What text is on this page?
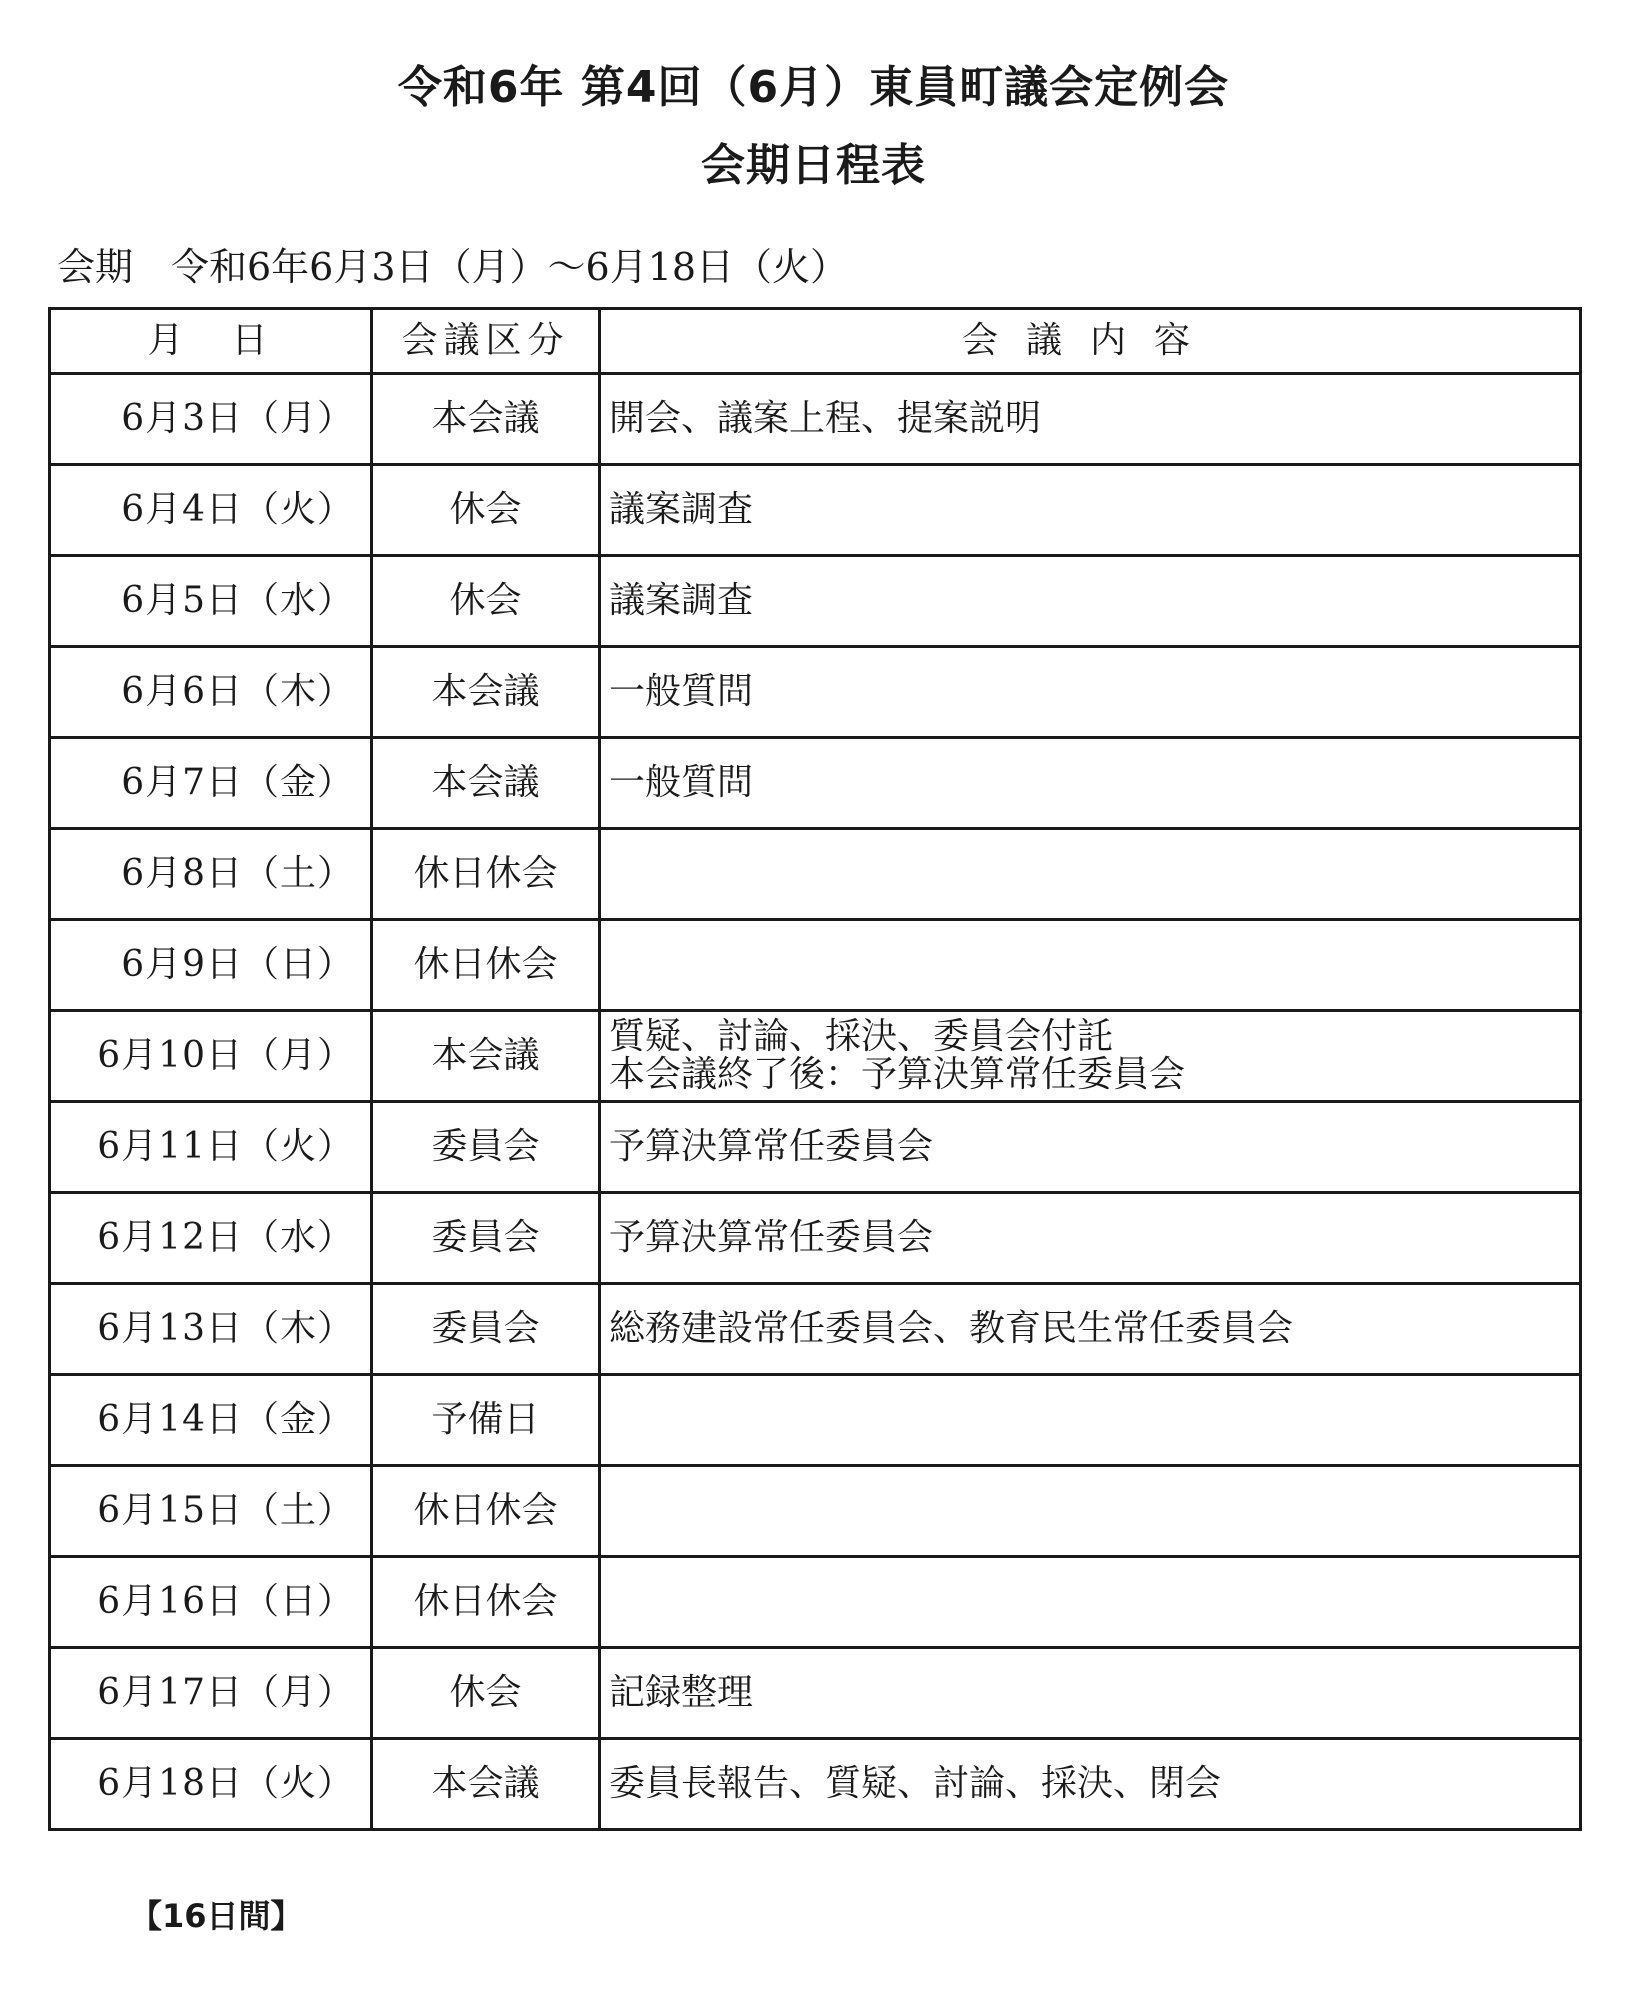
令和6年 第4回（6月）東員町議会定例会
会期日程表
会期　令和6年6月3日（月）～6月18日（火）
月　日	会議区分	会議内容
6月3日（月）	本会議	開会、議案上程、提案説明

6月4日（火）	休会	議案調査

6月5日（水）	休会	議案調査

6月6日（木）	本会議	一般質問

6月7日（金）	本会議	一般質問

6月8日（土）	休日休会	
6月9日（日）	休日休会	
6月10日（月）	本会議	質疑、討論、採決、委員会付託
本会議終了後：予算決算常任委員会

6月11日（火）	委員会	予算決算常任委員会

6月12日（水）	委員会	予算決算常任委員会

6月13日（木）	委員会	総務建設常任委員会、教育民生常任委員会

6月14日（金）	予備日	
6月15日（土）	休日休会	
6月16日（日）	休日休会	
6月17日（月）	休会	記録整理

6月18日（火）	本会議	委員長報告、質疑、討論、採決、閉会
【16日間】
